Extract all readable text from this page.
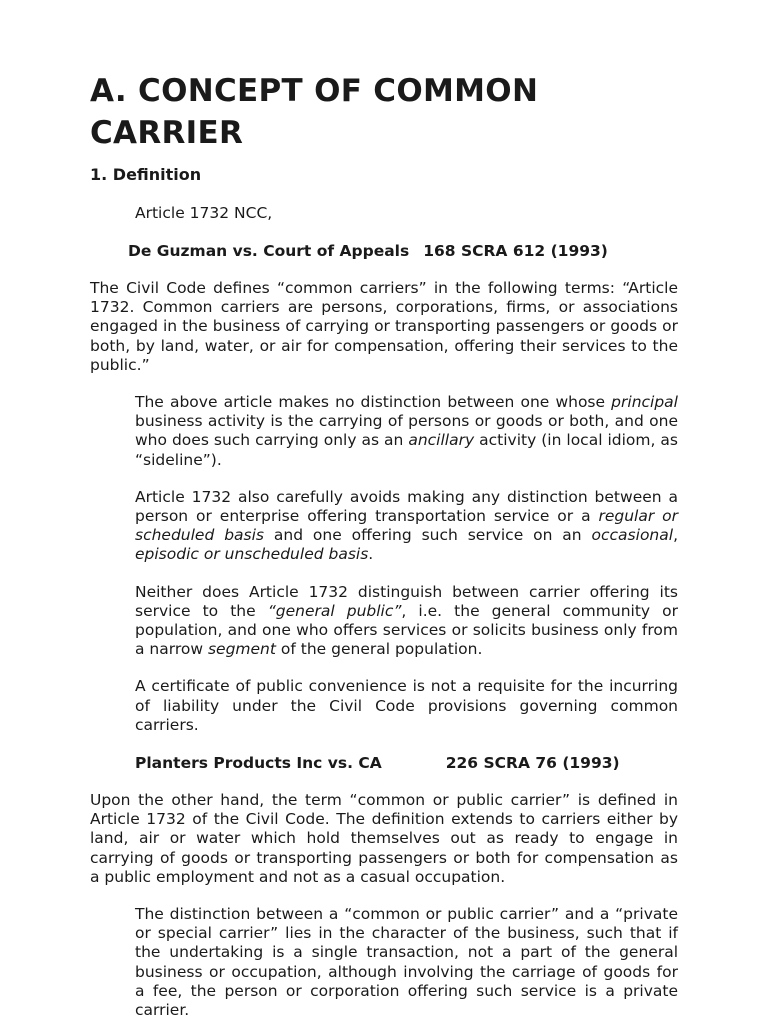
A. CONCEPT OF COMMON CARRIER
1. Definition

Article 1732 NCC,

De Guzman vs. Court of Appeals 168 SCRA 612 (1993)

The Civil Code defines “common carriers” in the following terms: “Article 1732. Common carriers are persons, corporations, firms, or associations engaged in the business of carrying or transporting passengers or goods or both, by land, water, or air for compensation, offering their services to the public.”

The above article makes no distinction between one whose principal business activity is the carrying of persons or goods or both, and one who does such carrying only as an ancillary activity (in local idiom, as “sideline”).

Article 1732 also carefully avoids making any distinction between a person or enterprise offering transportation service or a regular or scheduled basis and one offering such service on an occasional, episodic or unscheduled basis.

Neither does Article 1732 distinguish between carrier offering its service to the “general public”, i.e. the general community or population, and one who offers services or solicits business only from a narrow segment of the general population.

A certificate of public convenience is not a requisite for the incurring of liability under the Civil Code provisions governing common carriers.

Planters Products Inc vs. CA	226 SCRA 76 (1993)

Upon the other hand, the term “common or public carrier” is defined in Article 1732 of the Civil Code. The definition extends to carriers either by land, air or water which hold themselves out as ready to engage in carrying of goods or transporting passengers or both for compensation as a public employment and not as a casual occupation.

The distinction between a “common or public carrier” and a “private or special carrier” lies in the character of the business, such that if the undertaking is a single transaction, not a part of the general business or occupation, although involving the carriage of goods for a fee, the person or corporation offering such service is a private carrier.
